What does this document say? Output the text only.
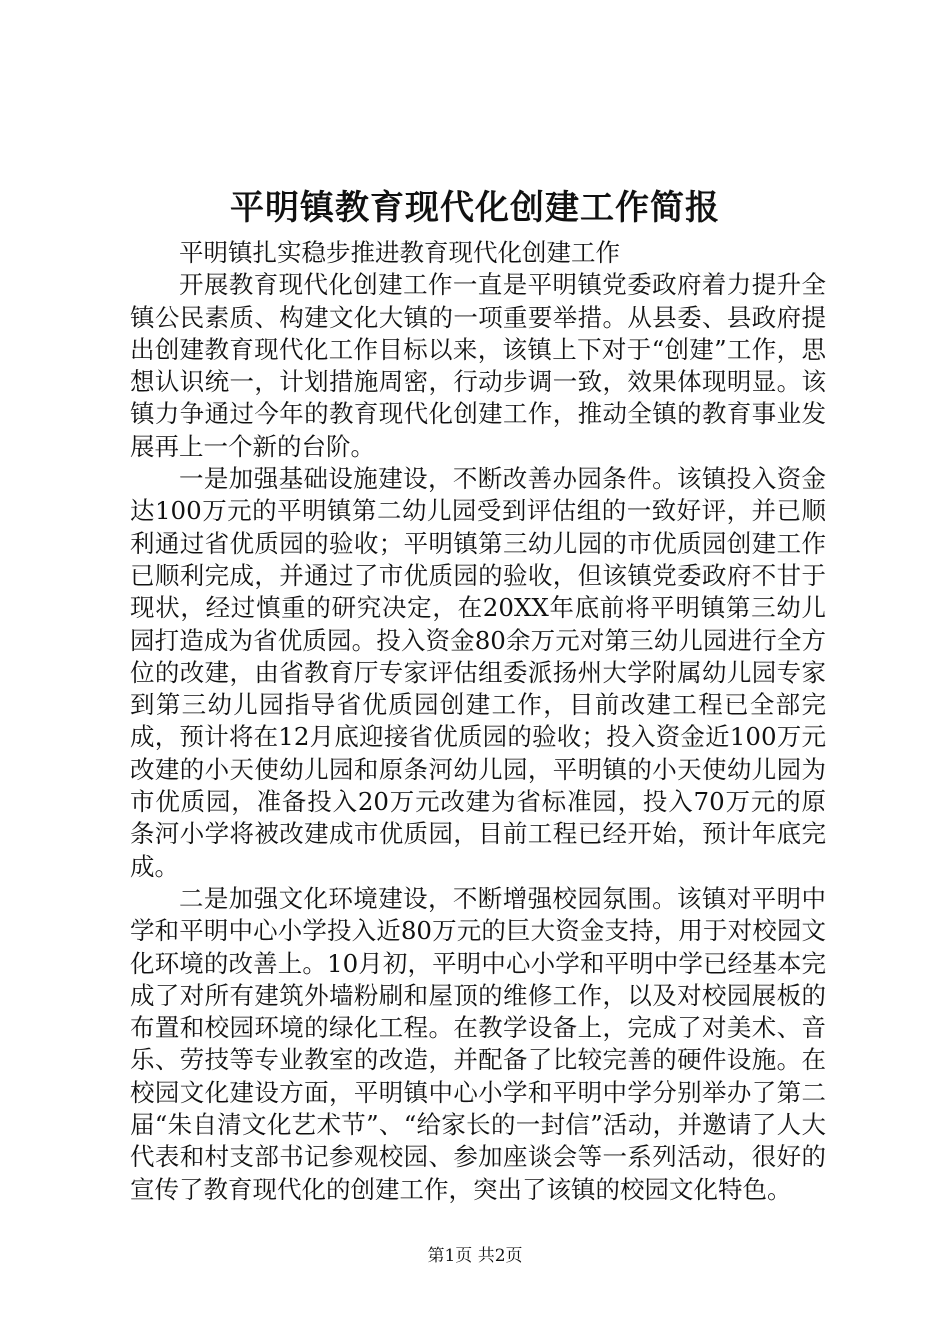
平明镇教育现代化创建工作简报

平明镇扎实稳步推进教育现代化创建工作

开展教育现代化创建工作一直是平明镇党委政府着力提升全镇公民素质、构建文化大镇的一项重要举措。从县委、县政府提出创建教育现代化工作目标以来，该镇上下对于“创建”工作，思想认识统一，计划措施周密，行动步调一致，效果体现明显。该镇力争通过今年的教育现代化创建工作，推动全镇的教育事业发展再上一个新的台阶。

一是加强基础设施建设，不断改善办园条件。该镇投入资金达100万元的平明镇第二幼儿园受到评估组的一致好评，并已顺利通过省优质园的验收；平明镇第三幼儿园的市优质园创建工作已顺利完成，并通过了市优质园的验收，但该镇党委政府不甘于现状，经过慎重的研究决定，在20XX年底前将平明镇第三幼儿园打造成为省优质园。投入资金80余万元对第三幼儿园进行全方位的改建，由省教育厅专家评估组委派扬州大学附属幼儿园专家到第三幼儿园指导省优质园创建工作，目前改建工程已全部完成，预计将在12月底迎接省优质园的验收；投入资金近100万元改建的小天使幼儿园和原条河幼儿园，平明镇的小天使幼儿园为市优质园，准备投入20万元改建为省标准园，投入70万元的原条河小学将被改建成市优质园，目前工程已经开始，预计年底完成。

二是加强文化环境建设，不断增强校园氛围。该镇对平明中学和平明中心小学投入近80万元的巨大资金支持，用于对校园文化环境的改善上。10月初，平明中心小学和平明中学已经基本完成了对所有建筑外墙粉刷和屋顶的维修工作，以及对校园展板的布置和校园环境的绿化工程。在教学设备上，完成了对美术、音乐、劳技等专业教室的改造，并配备了比较完善的硬件设施。在校园文化建设方面，平明镇中心小学和平明中学分别举办了第二届“朱自清文化艺术节”、“给家长的一封信”活动，并邀请了人大代表和村支部书记参观校园、参加座谈会等一系列活动，很好的宣传了教育现代化的创建工作，突出了该镇的校园文化特色。

第1页 共2页
